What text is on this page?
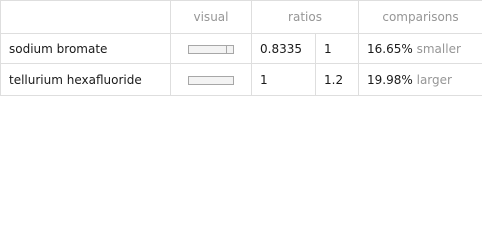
	visual	ratios		comparisons
sodium bromate		0.8335	1	16.65% smaller
tellurium hexafluoride		1	1.2	19.98% larger
